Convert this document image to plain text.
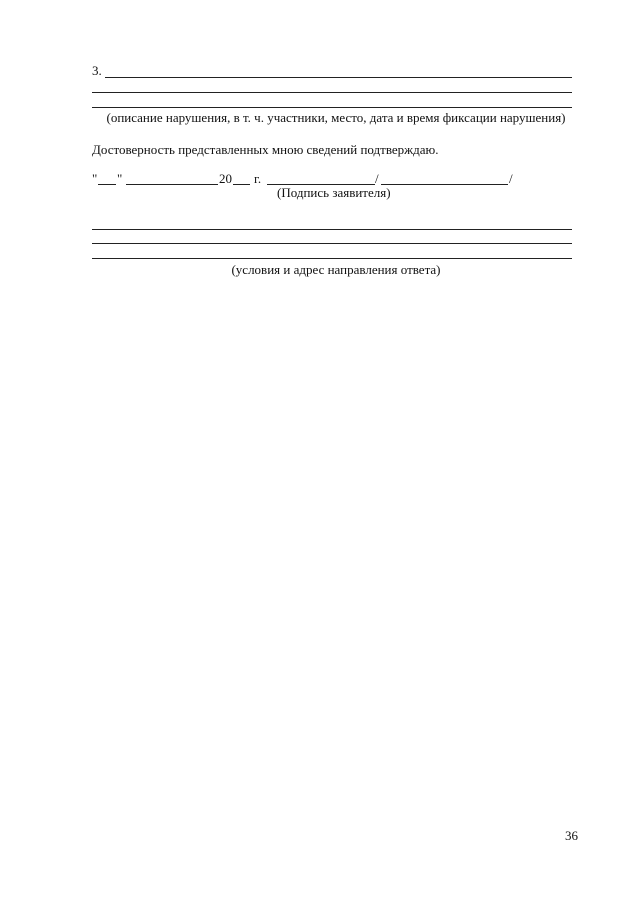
3.
(описание нарушения, в т. ч. участники, место, дата и время фиксации нарушения)
Достоверность представленных мною сведений подтверждаю.
" "	20 г.	/	/
(Подпись заявителя)
(условия и адрес направления ответа)
36
